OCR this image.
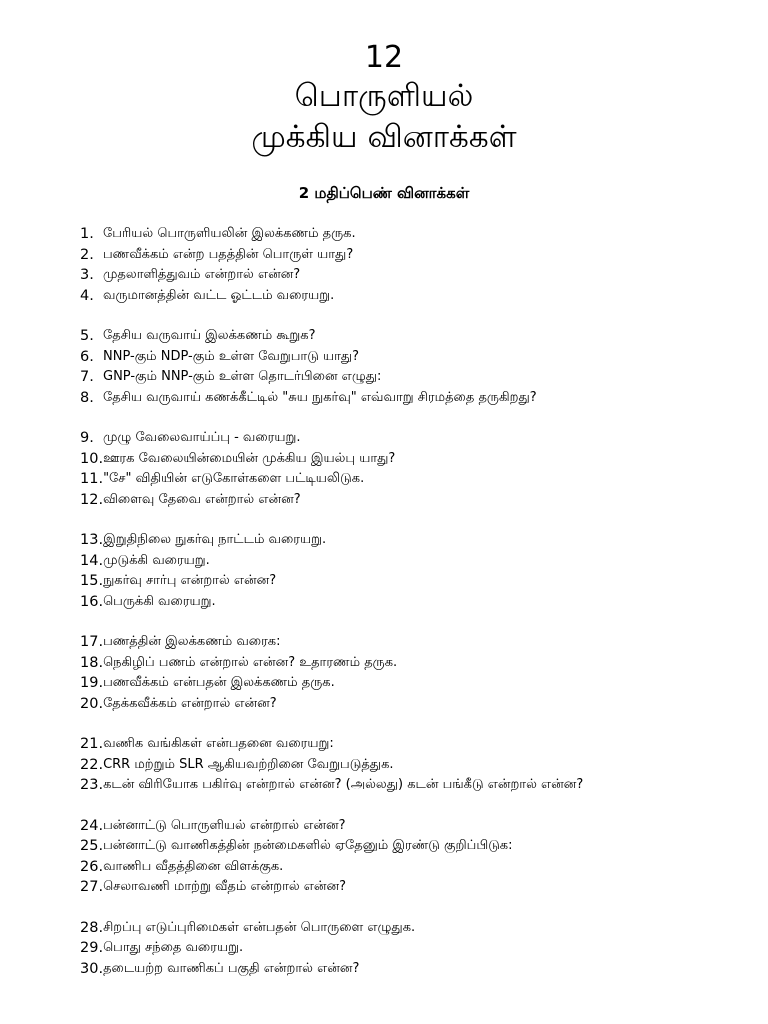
12
பொருளியல்
முக்கிய வினாக்கள்
2 மதிப்பெண் வினாக்கள்
1. பேரியல் பொருளியலின் இலக்கணம் தருக.
2. பணவீக்கம் என்ற பதத்தின் பொருள் யாது?
3. முதலாளித்துவம் என்றால் என்ன?
4. வருமானத்தின் வட்ட ஓட்டம் வரையறு.
5. தேசிய வருவாய் இலக்கணம் கூறுக?
6. NNP-கும் NDP-கும் உள்ள வேறுபாடு யாது?
7. GNP-கும் NNP-கும் உள்ள தொடர்பினை எழுது:
8. தேசிய வருவாய் கணக்கீட்டில் "சுய நுகர்வு" எவ்வாறு சிரமத்தை தருகிறது?
9. முழு வேலைவாய்ப்பு - வரையறு.
10. ஊரக வேலையின்மையின் முக்கிய இயல்பு யாது?
11. "சே" விதியின் எடுகோள்களை பட்டியலிடுக.
12. விளைவு தேவை என்றால் என்ன?
13. இறுதிநிலை நுகர்வு நாட்டம் வரையறு.
14. முடுக்கி வரையறு.
15. நுகர்வு சார்பு என்றால் என்ன?
16. பெருக்கி வரையறு.
17. பணத்தின் இலக்கணம் வரைக:
18. நெகிழிப் பணம் என்றால் என்ன? உதாரணம் தருக.
19. பணவீக்கம் என்பதன் இலக்கணம் தருக.
20. தேக்கவீக்கம் என்றால் என்ன?
21. வணிக வங்கிகள் என்பதனை வரையறு:
22. CRR மற்றும் SLR ஆகியவற்றினை வேறுபடுத்துக.
23. கடன் விரியோக பகிர்வு என்றால் என்ன? (அல்லது) கடன் பங்கீடு என்றால் என்ன?
24. பன்னாட்டு பொருளியல் என்றால் என்ன?
25. பன்னாட்டு வாணிகத்தின் நன்மைகளில் ஏதேனும் இரண்டு குறிப்பிடுக:
26. வாணிப வீதத்தினை விளக்குக.
27. செலாவணி மாற்று வீதம் என்றால் என்ன?
28. சிறப்பு எடுப்புரிமைகள் என்பதன் பொருளை எழுதுக.
29. பொது சந்தை வரையறு.
30. தடையற்ற வாணிகப் பகுதி என்றால் என்ன?
